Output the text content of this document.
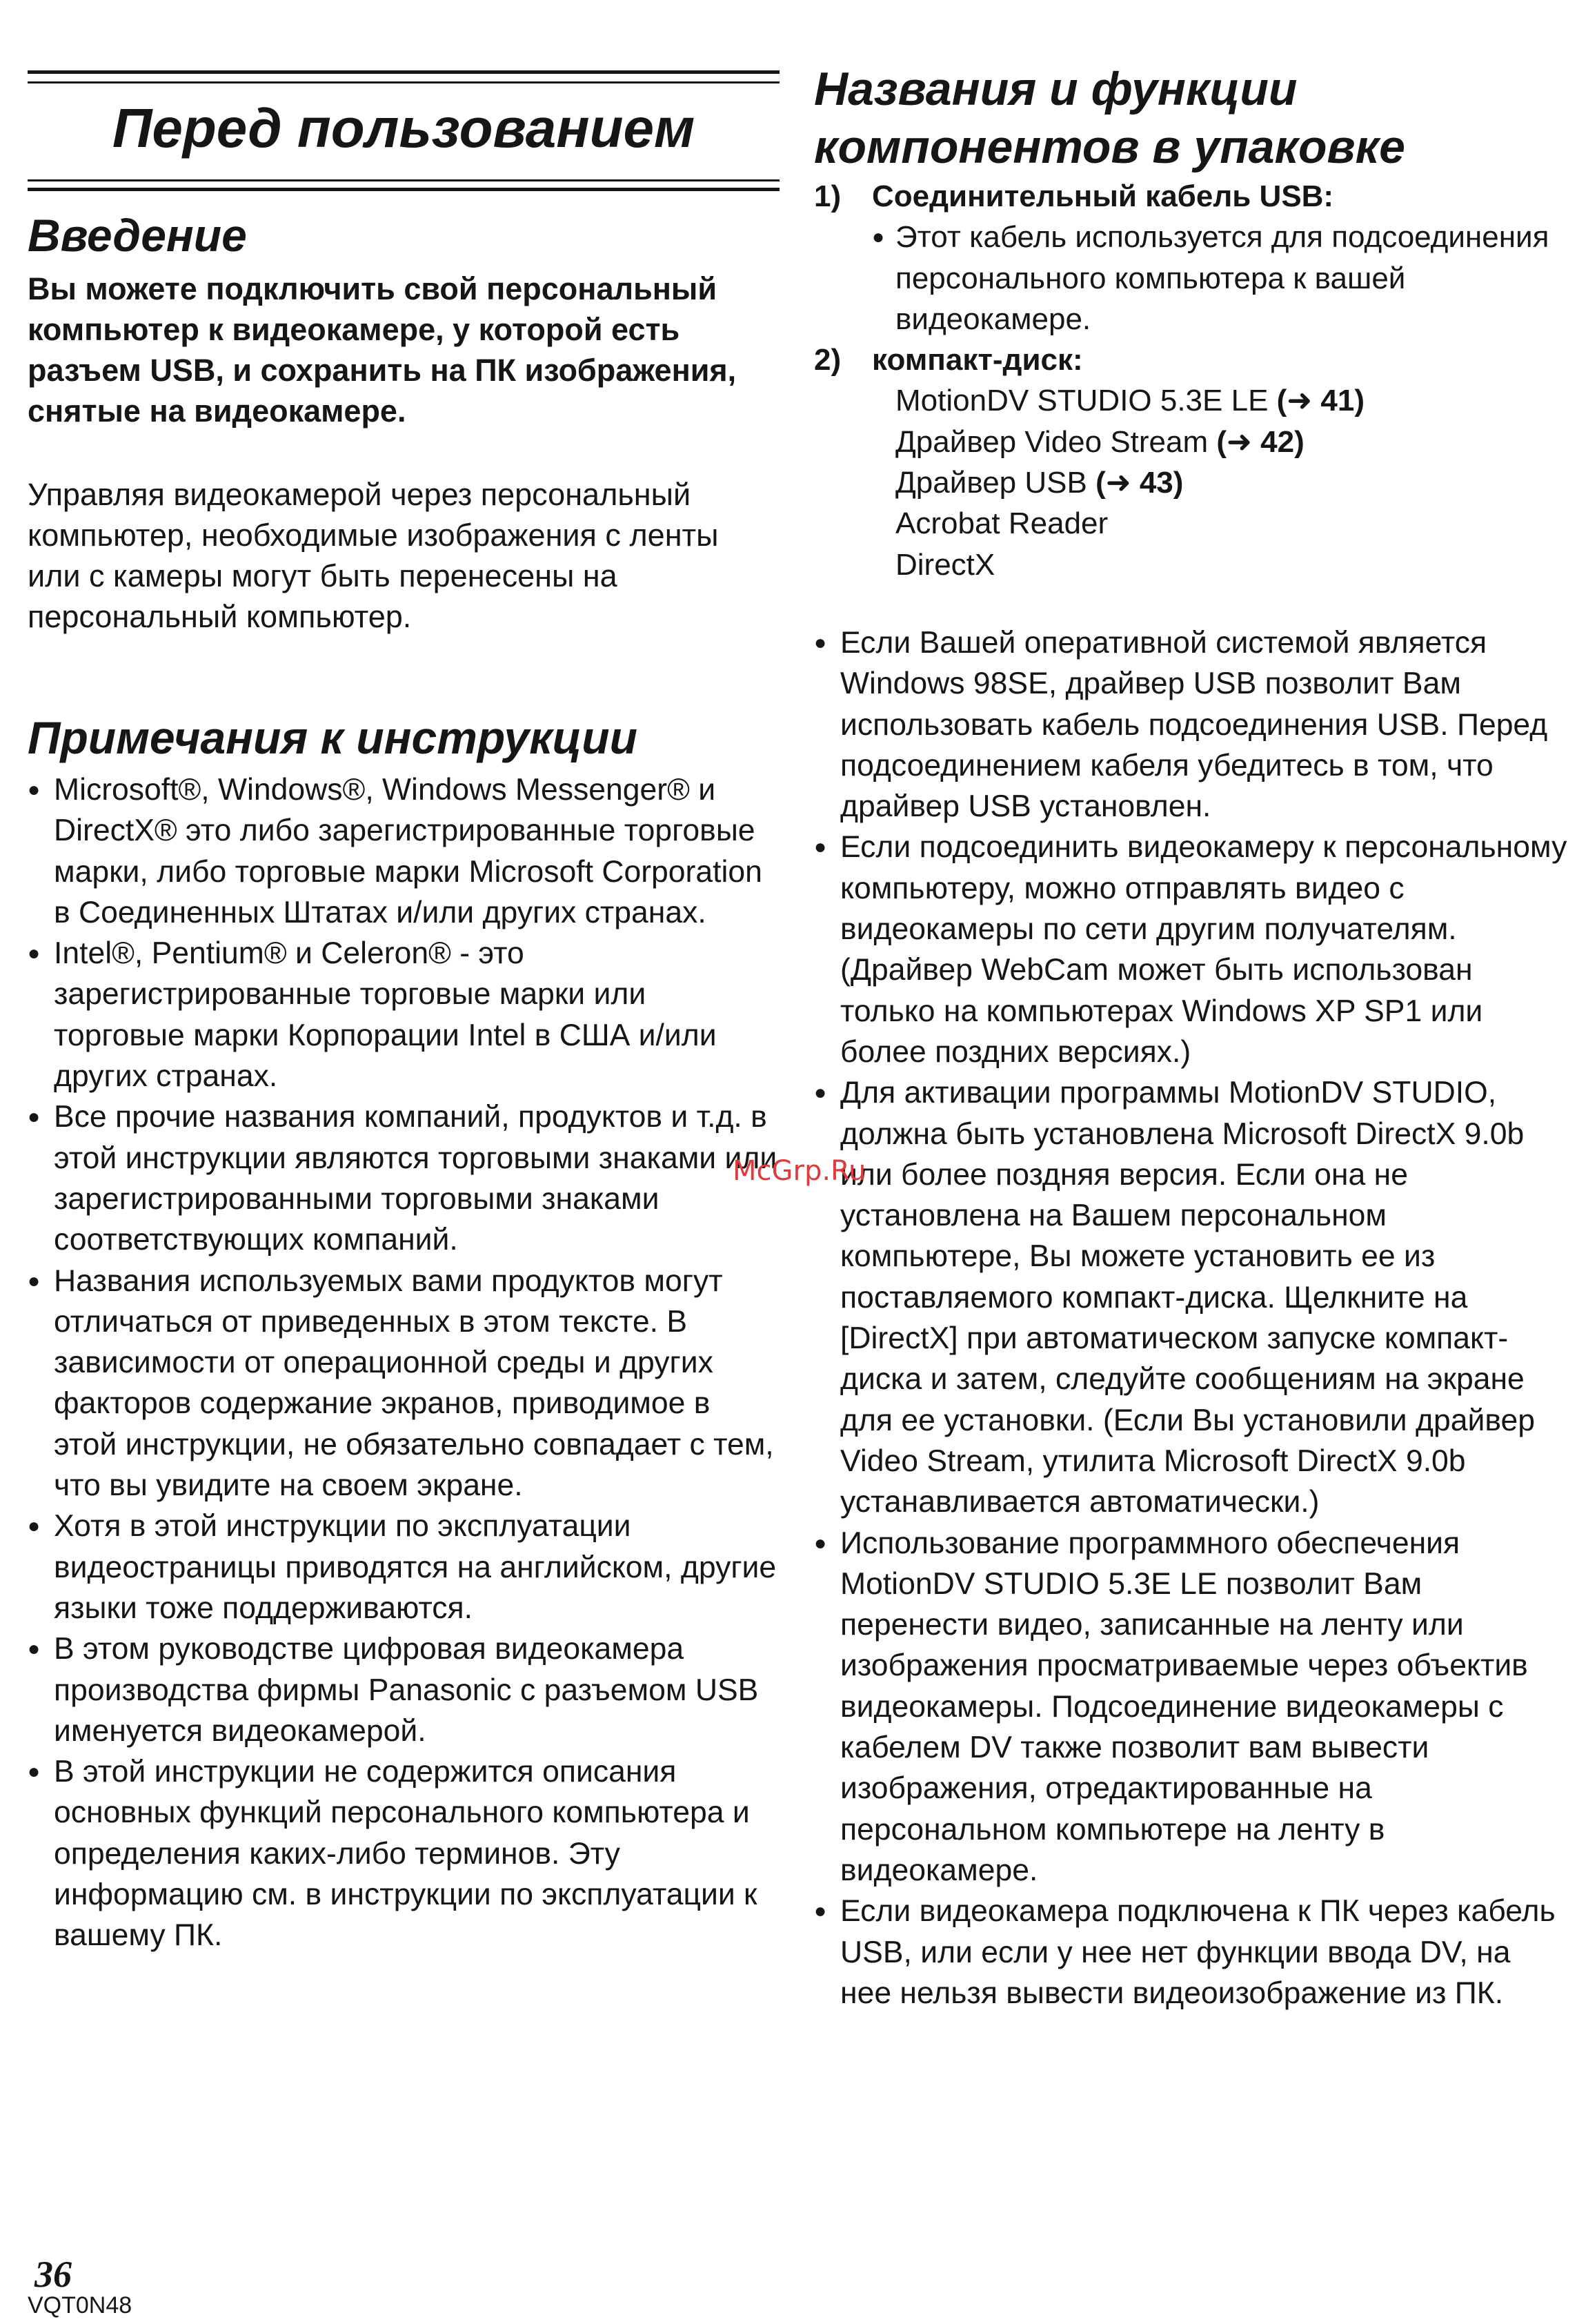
Перед пользованием
Введение

Вы можете подключить свой персональный компьютер к видеокамере, у которой есть разъем USB, и сохранить на ПК изображения, снятые на видеокамере.

Управляя видеокамерой через персональный компьютер, необходимые изображения с ленты или с камеры могут быть перенесены на персональный компьютер.

Примечания к инструкции
● Microsoft®, Windows®, Windows Messenger® и DirectX® это либо зарегистрированные торговые марки, либо торговые марки Microsoft Corporation в Соединенных Штатах и/или других странах.
● Intel®, Pentium® и Celeron® - это зарегистрированные торговые марки или торговые марки Корпорации Intel в США и/или других странах.
● Все прочие названия компаний, продуктов и т.д. в этой инструкции являются торговыми знаками или зарегистрированными торговыми знаками соответствующих компаний.
● Названия используемых вами продуктов могут отличаться от приведенных в этом тексте. В зависимости от операционной среды и других факторов содержание экранов, приводимое в этой инструкции, не обязательно совпадает с тем, что вы увидите на своем экране.
● Хотя в этой инструкции по эксплуатации видеостраницы приводятся на английском, другие языки тоже поддерживаются.
● В этом руководстве цифровая видеокамера производства фирмы Panasonic с разъемом USB именуется видеокамерой.
● В этой инструкции не содержится описания основных функций персонального компьютера и определения каких-либо терминов. Эту информацию см. в инструкции по эксплуатации к вашему ПК.
Названия и функции компонентов в упаковке
1) Соединительный кабель USB:
● Этот кабель используется для подсоединения персонального компьютера к вашей видеокамере.
2) компакт-диск:
MotionDV STUDIO 5.3E LE (➜ 41)
Драйвер Video Stream (➜ 42)
Драйвер USB (➜ 43)
Acrobat Reader
DirectX
● Если Вашей оперативной системой является Windows 98SE, драйвер USB позволит Вам использовать кабель подсоединения USB. Перед подсоединением кабеля убедитесь в том, что драйвер USB установлен.
● Если подсоединить видеокамеру к персональному компьютеру, можно отправлять видео с видеокамеры по сети другим получателям. (Драйвер WebCam может быть использован только на компьютерах Windows XP SP1 или более поздних версиях.)
● Для активации программы MotionDV STUDIO, должна быть установлена Microsoft DirectX 9.0b или более поздняя версия. Если она не установлена на Вашем персональном компьютере, Вы можете установить ее из поставляемого компакт-диска. Щелкните на [DirectX] при автоматическом запуске компакт-диска и затем, следуйте сообщениям на экране для ее установки. (Если Вы установили драйвер Video Stream, утилита Microsoft DirectX 9.0b устанавливается автоматически.)
● Использование программного обеспечения MotionDV STUDIO 5.3E LE позволит Вам перенести видео, записанные на ленту или изображения просматриваемые через объектив видеокамеры. Подсоединение видеокамеры с кабелем DV также позволит вам вывести изображения, отредактированные на персональном компьютере на ленту в видеокамере.
● Если видеокамера подключена к ПК через кабель USB, или если у нее нет функции ввода DV, на нее нельзя вывести видеоизображение из ПК.
McGrp.Ru
36
VQT0N48
